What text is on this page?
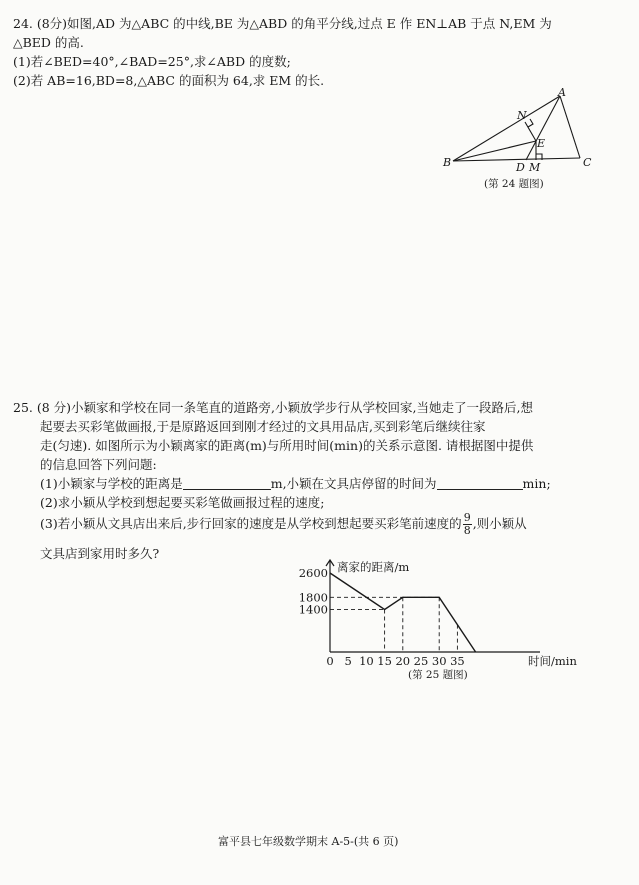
24. (8分)如图,AD 为△ABC 的中线,BE 为△ABD 的角平分线,过点 E 作 EN⊥AB 于点 N,EM 为
△BED 的高.
(1)若∠BED=40°,∠BAD=25°,求∠ABD 的度数;
(2)若 AB=16,BD=8,△ABC 的面积为 64,求 EM 的长.
A
B	C
D
E
M
N
(第 24 题图)
25. (8 分)小颖家和学校在同一条笔直的道路旁,小颖放学步行从学校回家,当她走了一段路后,想
起要去买彩笔做画报,于是原路返回到刚才经过的文具用品店,买到彩笔后继续往家
走(匀速). 如图所示为小颖离家的距离(m)与所用时间(min)的关系示意图. 请根据图中提供
的信息回答下列问题:
(1)小颖家与学校的距离是	m,小颖在文具店停留的时间为	min;
(2)求小颖从学校到想起要买彩笔做画报过程的速度;
(3)若小颖从文具店出来后,步行回家的速度是从学校到想起要买彩笔前速度的 $\frac{9}{8}$ ,则小颖从
文具店到家用时多久?
2600
1800
1400
0 5 10 15 20 25 30 35
离家的距离/m
时间/min
(第 25 题图)
富平县七年级数学期末 A-5-(共 6 页)
